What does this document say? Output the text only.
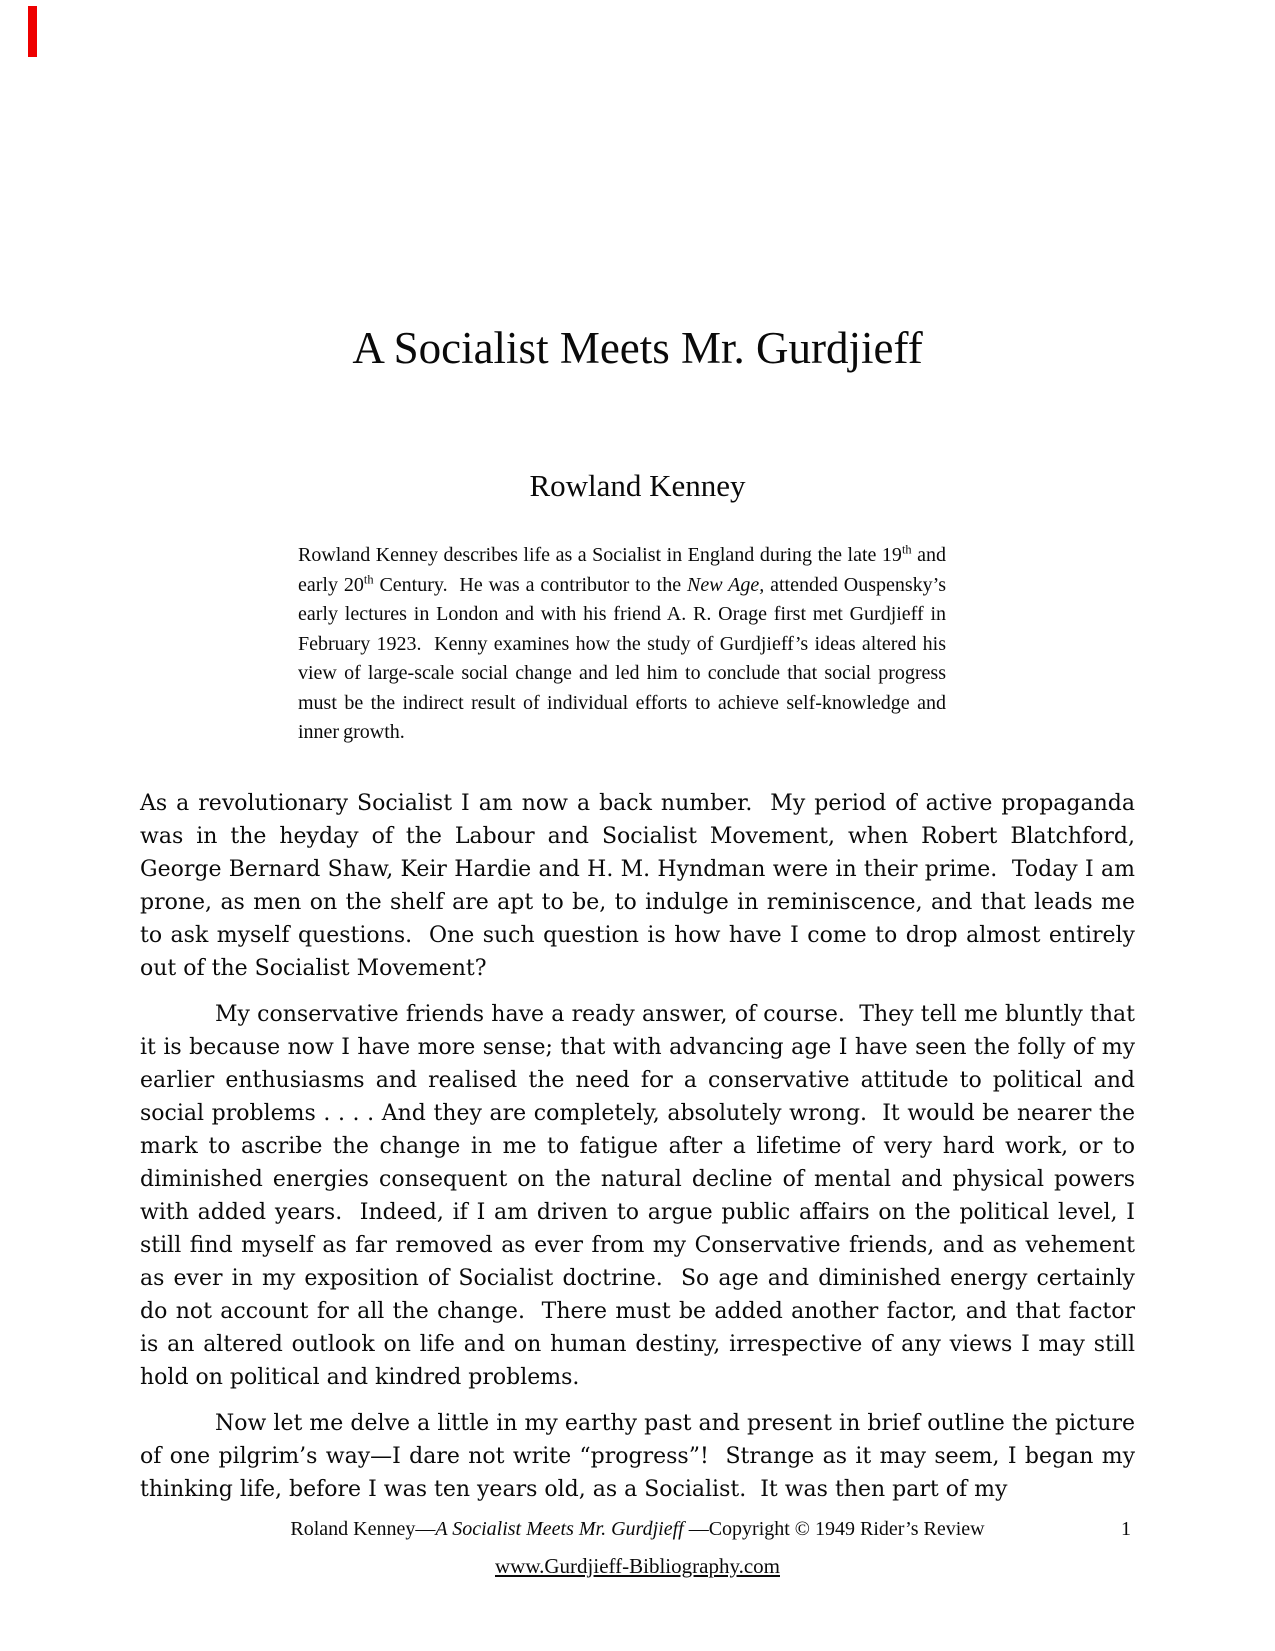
A Socialist Meets Mr. Gurdjieff
Rowland Kenney
Rowland Kenney describes life as a Socialist in England during the late 19th and early 20th Century.  He was a contributor to the New Age, attended Ouspensky’s early lectures in London and with his friend A. R. Orage first met Gurdjieff in February 1923.  Kenny examines how the study of Gurdjieff’s ideas altered his view of large-scale social change and led him to conclude that social progress must be the indirect result of individual efforts to achieve self-knowledge and inner growth.

As a revolutionary Socialist I am now a back number.  My period of active propaganda was in the heyday of the Labour and Socialist Movement, when Robert Blatchford, George Bernard Shaw, Keir Hardie and H. M. Hyndman were in their prime.  Today I am prone, as men on the shelf are apt to be, to indulge in reminiscence, and that leads me to ask myself questions.  One such question is how have I come to drop almost entirely out of the Socialist Movement?

My conservative friends have a ready answer, of course.  They tell me bluntly that it is because now I have more sense; that with advancing age I have seen the folly of my earlier enthusiasms and realised the need for a conservative attitude to political and social problems . . . . And they are completely, absolutely wrong.  It would be nearer the mark to ascribe the change in me to fatigue after a lifetime of very hard work, or to diminished energies consequent on the natural decline of mental and physical powers with added years.  Indeed, if I am driven to argue public affairs on the political level, I still find myself as far removed as ever from my Conservative friends, and as vehement as ever in my exposition of Socialist doctrine.  So age and diminished energy certainly do not account for all the change.  There must be added another factor, and that factor is an altered outlook on life and on human destiny, irrespective of any views I may still hold on political and kindred problems.

Now let me delve a little in my earthy past and present in brief outline the picture of one pilgrim’s way—I dare not write “progress”!  Strange as it may seem, I began my thinking life, before I was ten years old, as a Socialist.  It was then part of my

Roland Kenney—A Socialist Meets Mr. Gurdjieff —Copyright © 1949 Rider’s Review	1
www.Gurdjieff-Bibliography.com
